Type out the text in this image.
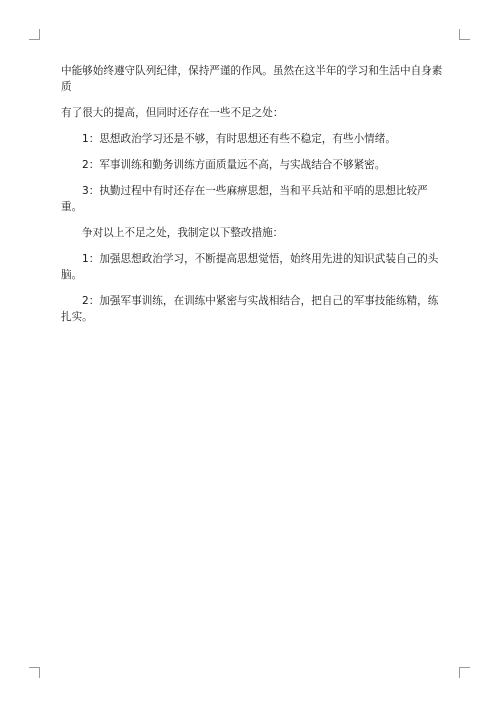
中能够始终遵守队列纪律，保持严谨的作风。虽然在这半年的学习和生活中自身素质

有了很大的提高，但同时还存在一些不足之处：

1：思想政治学习还是不够，有时思想还有些不稳定，有些小情绪。

2：军事训练和勤务训练方面质量远不高，与实战结合不够紧密。

3：执勤过程中有时还存在一些麻痹思想，当和平兵站和平哨的思想比较严重。

争对以上不足之处，我制定以下整改措施：

1：加强思想政治学习，不断提高思想觉悟，始终用先进的知识武装自己的头脑。

2：加强军事训练，在训练中紧密与实战相结合，把自己的军事技能练精，练扎实。
